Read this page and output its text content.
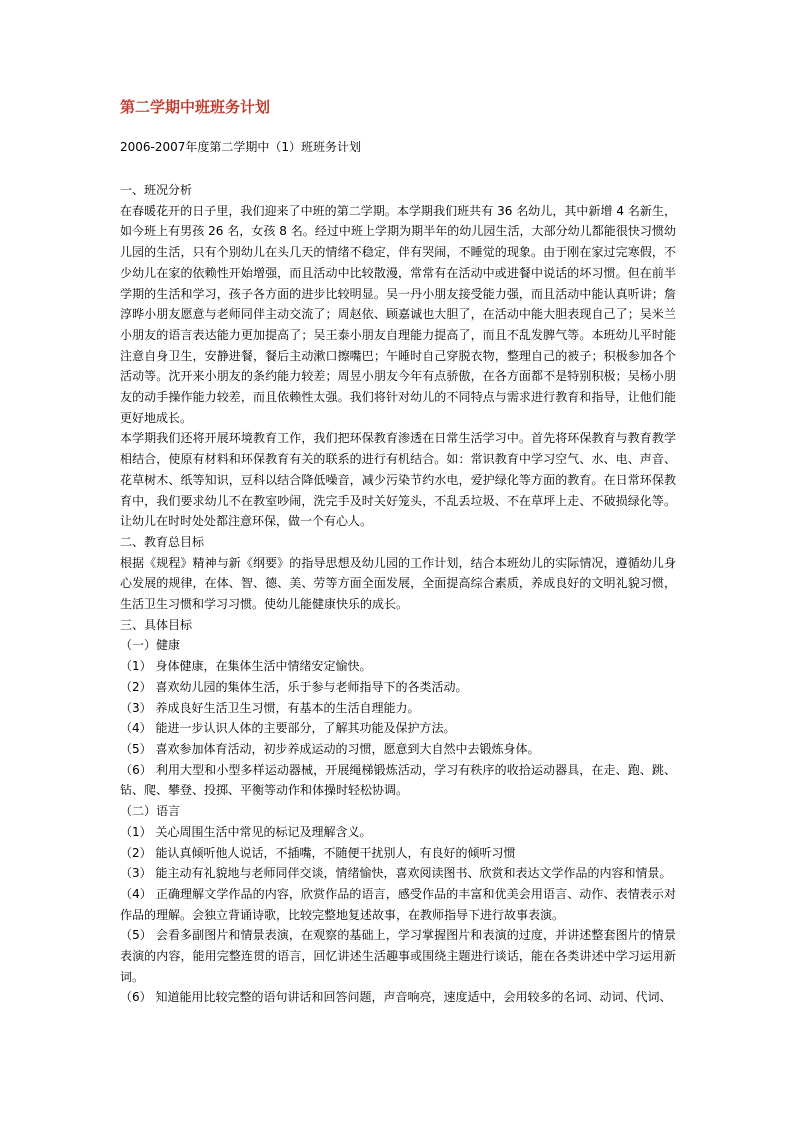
第二学期中班班务计划

2006-2007年度第二学期中（1）班班务计划

一、班况分析

在春暖花开的日子里，我们迎来了中班的第二学期。本学期我们班共有 36 名幼儿，其中新增 4 名新生，如今班上有男孩 26 名，女孩 8 名。经过中班上学期为期半年的幼儿园生活，大部分幼儿都能很快习惯幼儿园的生活，只有个别幼儿在头几天的情绪不稳定，伴有哭闹，不睡觉的现象。由于刚在家过完寒假，不少幼儿在家的依赖性开始增强，而且活动中比较散漫，常常有在活动中或进餐中说话的坏习惯。但在前半学期的生活和学习，孩子各方面的进步比较明显。吴一丹小朋友接受能力强，而且活动中能认真听讲；詹淳晔小朋友愿意与老师同伴主动交流了；周赵依、顾嘉诚也大胆了，在活动中能大胆表现自己了；吴米兰小朋友的语言表达能力更加提高了；吴王泰小朋友自理能力提高了，而且不乱发脾气等。本班幼儿平时能注意自身卫生，安静进餐，餐后主动漱口擦嘴巴；午睡时自己穿脱衣物，整理自己的被子；积极参加各个活动等。沈开来小朋友的条约能力较差；周昱小朋友今年有点骄傲，在各方面都不是特别积极；吴杨小朋友的动手操作能力较差，而且依赖性太强。我们将针对幼儿的不同特点与需求进行教育和指导，让他们能更好地成长。

本学期我们还将开展环境教育工作，我们把环保教育渗透在日常生活学习中。首先将环保教育与教育教学相结合，使原有材料和环保教育有关的联系的进行有机结合。如：常识教育中学习空气、水、电、声音、花草树木、纸等知识，豆科以结合降低噪音，减少污染节约水电，爱护绿化等方面的教育。在日常环保教育中，我们要求幼儿不在教室吵闹，洗完手及时关好笼头，不乱丢垃圾、不在草坪上走、不破损绿化等。让幼儿在时时处处都注意环保，做一个有心人。

二、教育总目标

根据《规程》精神与新《纲要》的指导思想及幼儿园的工作计划，结合本班幼儿的实际情况，遵循幼儿身心发展的规律，在体、智、德、美、劳等方面全面发展，全面提高综合素质，养成良好的文明礼貌习惯，生活卫生习惯和学习习惯。使幼儿能健康快乐的成长。

三、具体目标

（一）健康

（1） 身体健康，在集体生活中情绪安定愉快。

（2） 喜欢幼儿园的集体生活，乐于参与老师指导下的各类活动。

（3） 养成良好生活卫生习惯，有基本的生活自理能力。

（4） 能进一步认识人体的主要部分，了解其功能及保护方法。

（5） 喜欢参加体育活动，初步养成运动的习惯，愿意到大自然中去锻炼身体。

（6） 利用大型和小型多样运动器械，开展绳梯锻炼活动，学习有秩序的收拾运动器具，在走、跑、跳、钻、爬、攀登、投掷、平衡等动作和体操时轻松协调。

（二）语言

（1） 关心周围生活中常见的标记及理解含义。

（2） 能认真倾听他人说话，不插嘴，不随便干扰别人，有良好的倾听习惯

（3） 能主动有礼貌地与老师同伴交谈，情绪愉快，喜欢阅读图书、欣赏和表达文学作品的内容和情景。

（4） 正确理解文学作品的内容，欣赏作品的语言，感受作品的丰富和优美会用语言、动作、表情表示对作品的理解。会独立背诵诗歌，比较完整地复述故事，在教师指导下进行故事表演。

（5） 会看多副图片和情景表演，在观察的基础上，学习掌握图片和表演的过度，并讲述整套图片的情景表演的内容，能用完整连贯的语言，回忆讲述生活趣事或围绕主题进行谈话，能在各类讲述中学习运用新词。

（6） 知道能用比较完整的语句讲话和回答问题，声音响亮，速度适中，会用较多的名词、动词、代词、
